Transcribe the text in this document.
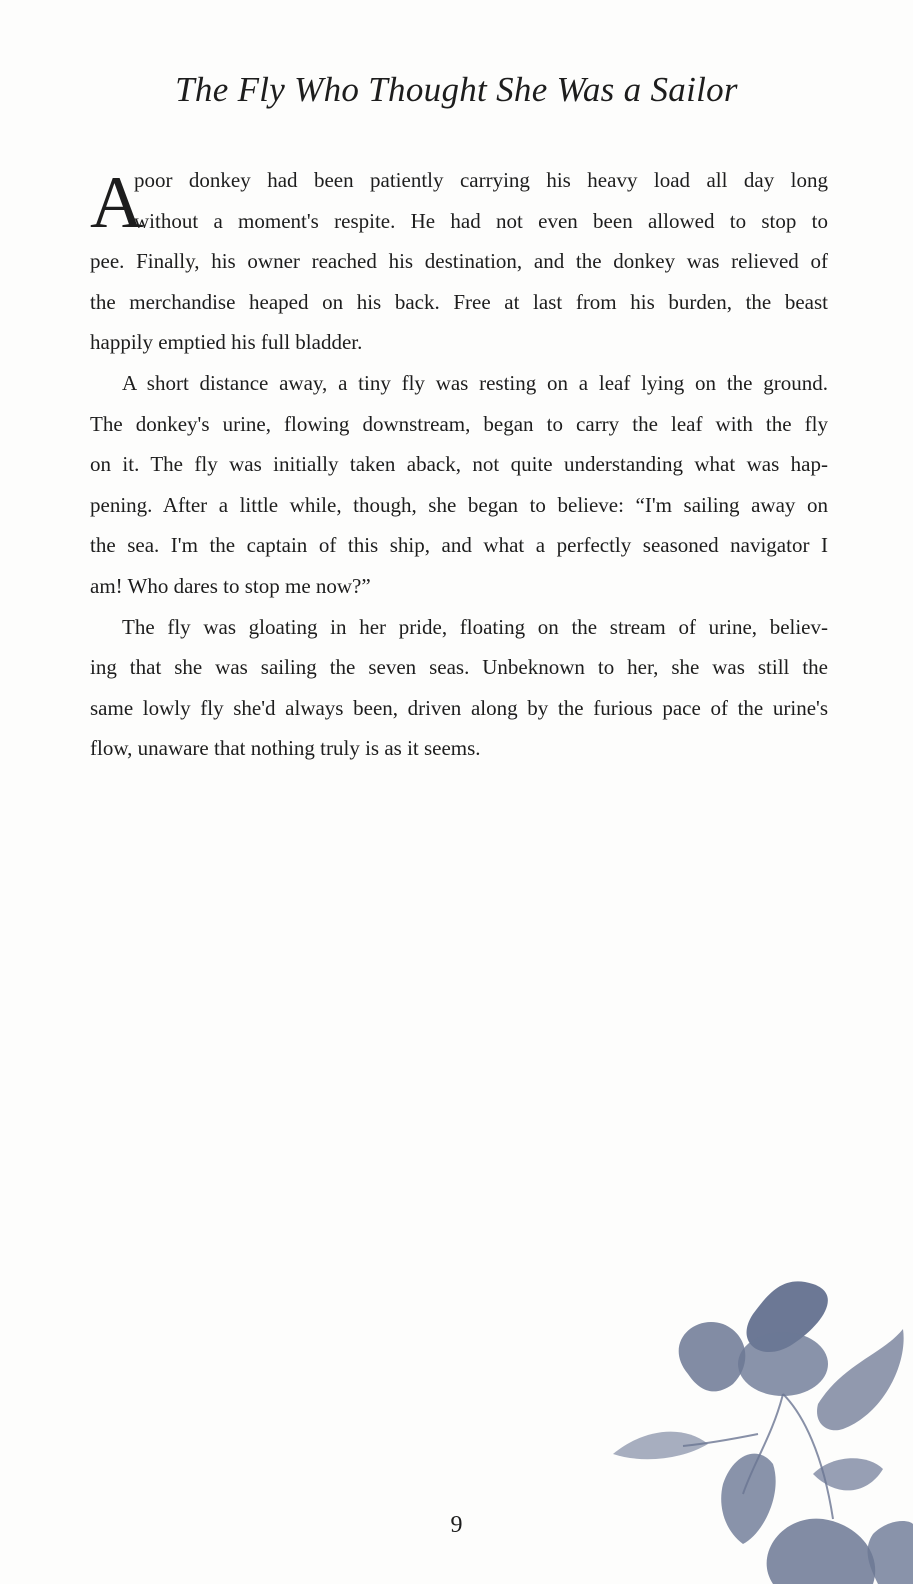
The Fly Who Thought She Was a Sailor
A
poor donkey had been patiently carrying his heavy load all day long
without a moment's respite. He had not even been allowed to stop to
pee. Finally, his owner reached his destination, and the donkey was relieved of
the merchandise heaped on his back. Free at last from his burden, the beast
happily emptied his full bladder.
A short distance away, a tiny fly was resting on a leaf lying on the ground.
The donkey's urine, flowing downstream, began to carry the leaf with the fly
on it. The fly was initially taken aback, not quite understanding what was hap-
pening. After a little while, though, she began to believe: “I'm sailing away on
the sea. I'm the captain of this ship, and what a perfectly seasoned navigator I
am! Who dares to stop me now?”
The fly was gloating in her pride, floating on the stream of urine, believ-
ing that she was sailing the seven seas. Unbeknown to her, she was still the
same lowly fly she'd always been, driven along by the furious pace of the urine's
flow, unaware that nothing truly is as it seems.
9
